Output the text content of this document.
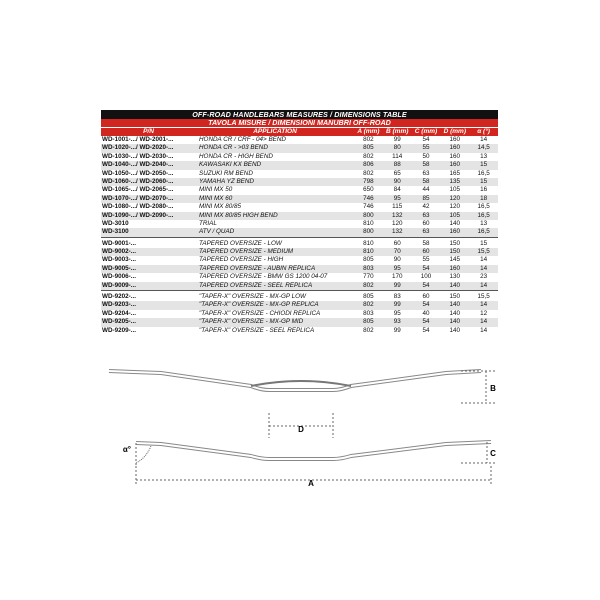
OFF-ROAD HANDLEBARS MEASURES / DIMENSIONS TABLE
TAVOLA MISURE / DIMENSIONI MANUBRI OFF-ROAD
P/N	APPLICATION	A (mm)	B (mm) C (mm) D (mm)	α (°)
WD-1001-.../ WD-2001-...	HONDA CR / CRF - 04> BEND	802	99	54	160	14
WD-1020-.../ WD-2020-...	HONDA CR - >03 BEND	805	80	55	160	14,5
WD-1030-.../ WD-2030-...	HONDA CR - HIGH BEND	802	114	50	160	13
WD-1040-.../ WD-2040-...	KAWASAKI KX BEND	806	88	58	160	15
WD-1050-.../ WD-2050-...	SUZUKI RM BEND	802	65	63	165	16,5
WD-1060-.../ WD-2060-...	YAMAHA YZ BEND	798	90	58	135	15
WD-1065-.../ WD-2065-...	MINI MX 50	650	84	44	105	16
WD-1070-.../ WD-2070-...	MINI MX 60	746	95	85	120	18
WD-1080-.../ WD-2080-...	MINI MX 80/85	746	115	42	120	16,5
WD-1090-.../ WD-2090-...	MINI MX 80/85 HIGH BEND	800	132	63	105	16,5
WD-3010	TRIAL	810	120	60	140	13
WD-3100	ATV / QUAD	800	132	63	160	16,5
WD-9001-...	TAPERED OVERSIZE - LOW	810	60	58	150	15
WD-9002-...	TAPERED OVERSIZE - MEDIUM	810	70	60	150	15,5
WD-9003-...	TAPERED OVERSIZE - HIGH	805	90	55	145	14
WD-9005-...	TAPERED OVERSIZE - AUBIN REPLICA	803	95	54	160	14
WD-9006-...	TAPERED OVERSIZE - BMW GS 1200 04-07	770	170	100	130	23
WD-9009-...	TAPERED OVERSIZE - SEEL REPLICA	802	99	54	140	14
WD-9202-...	"TAPER-X" OVERSIZE - MX-GP LOW	805	83	60	150	15,5
WD-9203-...	"TAPER-X" OVERSIZE - MX-GP REPLICA	802	99	54	140	14
WD-9204-...	"TAPER-X" OVERSIZE - CHIODI REPLICA	803	95	40	140	12
WD-9205-...	"TAPER-X" OVERSIZE - MX-GP MID	805	93	54	140	14
WD-9209-...	"TAPER-X" OVERSIZE - SEEL REPLICA	802	99	54	140	14
B
C
D
A
α°
